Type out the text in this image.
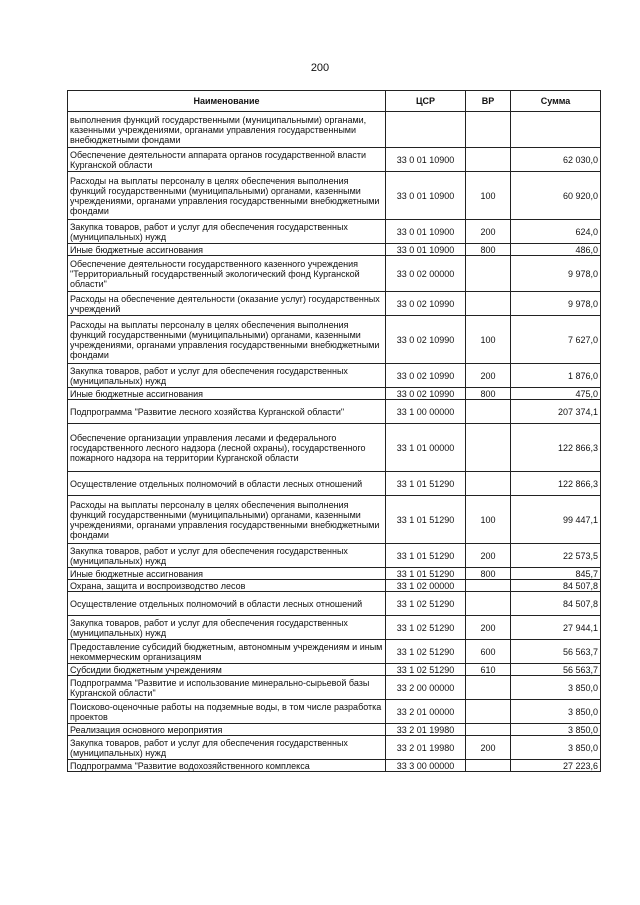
200
Наименование	ЦСР	ВР	Сумма
выполнения функций государственными (муниципальными) органами, казенными учреждениями, органами управления государственными внебюджетными фондами			
Обеспечение деятельности аппарата органов государственной власти Курганской области	33 0 01 10900		62 030,0
Расходы на выплаты персоналу в целях обеспечения выполнения функций государственными (муниципальными) органами, казенными учреждениями, органами управления государственными внебюджетными фондами	33 0 01 10900	100	60 920,0
Закупка товаров, работ и услуг для обеспечения государственных (муниципальных) нужд	33 0 01 10900	200	624,0
Иные бюджетные ассигнования	33 0 01 10900	800	486,0
Обеспечение деятельности государственного казенного учреждения "Территориальный государственный экологический фонд Курганской области"	33 0 02 00000		9 978,0
Расходы на обеспечение деятельности (оказание услуг) государственных учреждений	33 0 02 10990		9 978,0
Расходы на выплаты персоналу в целях обеспечения выполнения функций государственными (муниципальными) органами, казенными учреждениями, органами управления государственными внебюджетными фондами	33 0 02 10990	100	7 627,0
Закупка товаров, работ и услуг для обеспечения государственных (муниципальных) нужд	33 0 02 10990	200	1 876,0
Иные бюджетные ассигнования	33 0 02 10990	800	475,0
Подпрограмма "Развитие лесного хозяйства Курганской области"	33 1 00 00000		207 374,1
Обеспечение организации управления лесами и федерального государственного лесного надзора (лесной охраны), государственного пожарного надзора на территории Курганской области	33 1 01 00000		122 866,3
Осуществление отдельных полномочий в области лесных отношений	33 1 01 51290		122 866,3
Расходы на выплаты персоналу в целях обеспечения выполнения функций государственными (муниципальными) органами, казенными учреждениями, органами управления государственными внебюджетными фондами	33 1 01 51290	100	99 447,1
Закупка товаров, работ и услуг для обеспечения государственных (муниципальных) нужд	33 1 01 51290	200	22 573,5
Иные бюджетные ассигнования	33 1 01 51290	800	845,7
Охрана, защита и воспроизводство лесов	33 1 02 00000		84 507,8
Осуществление отдельных полномочий в области лесных отношений	33 1 02 51290		84 507,8
Закупка товаров, работ и услуг для обеспечения государственных (муниципальных) нужд	33 1 02 51290	200	27 944,1
Предоставление субсидий бюджетным, автономным учреждениям и иным некоммерческим организациям	33 1 02 51290	600	56 563,7
Субсидии бюджетным учреждениям	33 1 02 51290	610	56 563,7
Подпрограмма "Развитие и использование минерально-сырьевой базы Курганской области"	33 2 00 00000		3 850,0
Поисково-оценочные работы на подземные воды, в том числе разработка проектов	33 2 01 00000		3 850,0
Реализация основного мероприятия	33 2 01 19980		3 850,0
Закупка товаров, работ и услуг для обеспечения государственных (муниципальных) нужд	33 2 01 19980	200	3 850,0
Подпрограмма "Развитие водохозяйственного комплекса	33 3 00 00000		27 223,6
